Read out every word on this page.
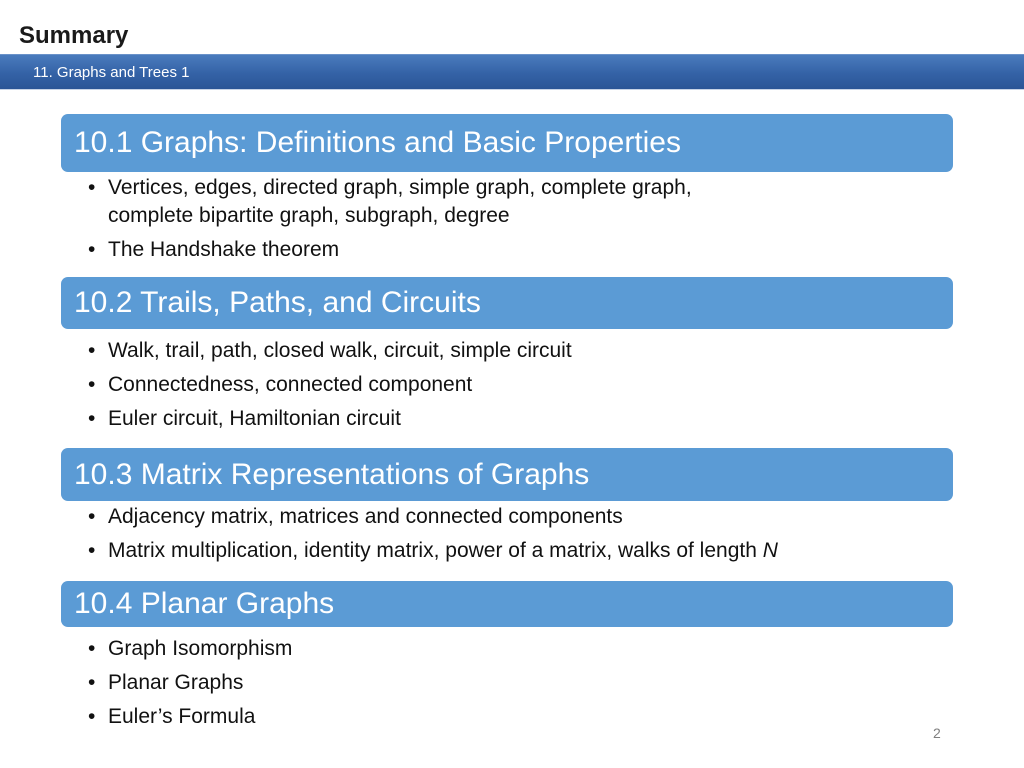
Summary
11. Graphs and Trees 1
10.1 Graphs: Definitions and Basic Properties
• Vertices, edges, directed graph, simple graph, complete graph,
complete bipartite graph, subgraph, degree
• The Handshake theorem
10.2 Trails, Paths, and Circuits
• Walk, trail, path, closed walk, circuit, simple circuit
• Connectedness, connected component
• Euler circuit, Hamiltonian circuit
10.3 Matrix Representations of Graphs
• Adjacency matrix, matrices and connected components
• Matrix multiplication, identity matrix, power of a matrix, walks of length N
10.4 Planar Graphs
• Graph Isomorphism
• Planar Graphs
• Euler’s Formula
2
